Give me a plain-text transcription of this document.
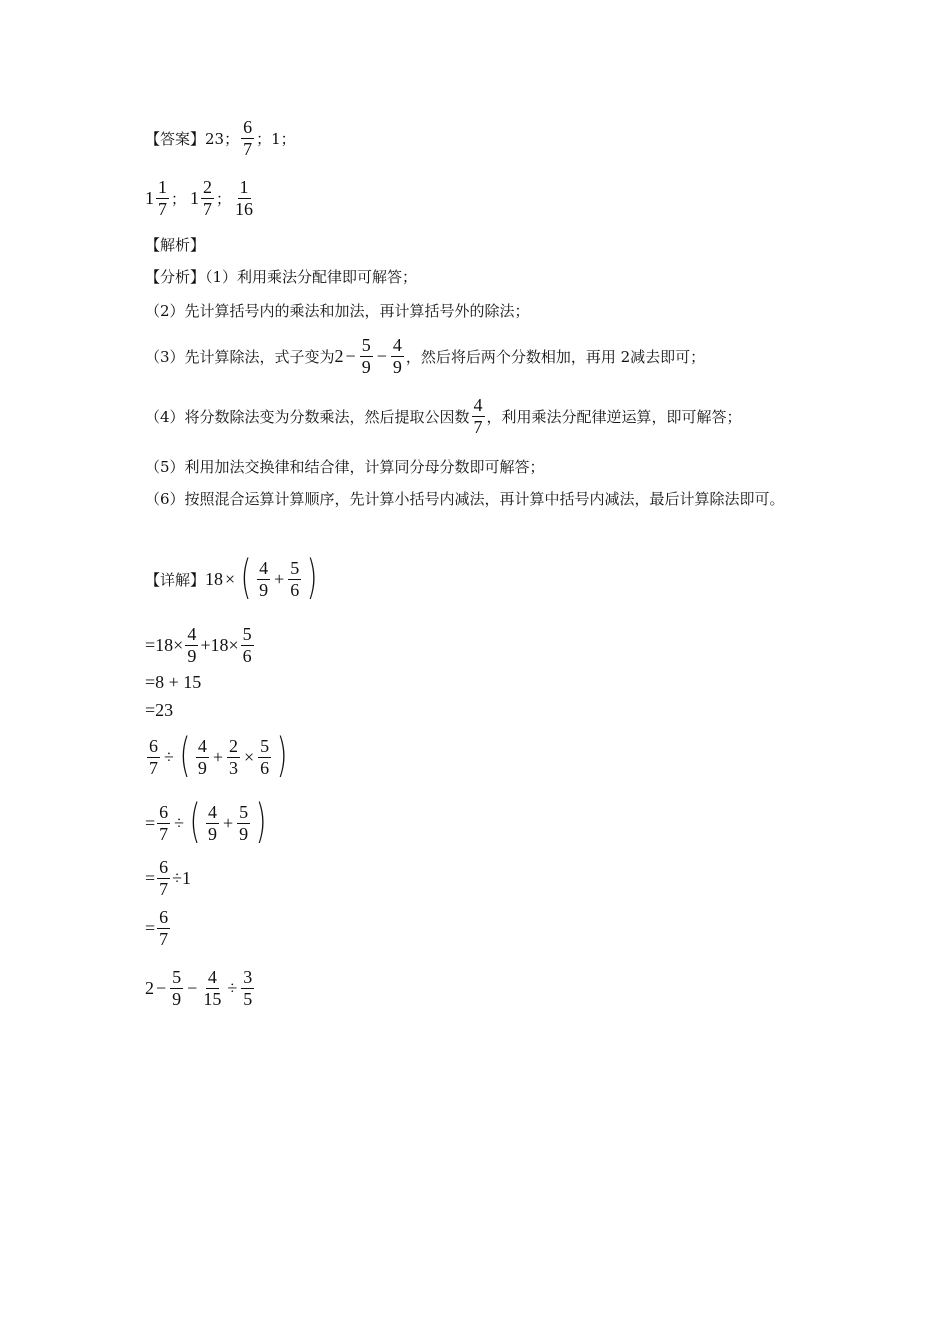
【答案】 23； $\frac{6}{7}$ ； 1；
$1 \frac{1}{7}$ ； $1 \frac{2}{7}$ ； $\frac{1}{16}$
【解析】
【分析】（1）利用乘法分配律即可解答；
（2）先计算括号内的乘法和加法，再计算括号外的除法；
（3）先计算除法，式子变为 $2 - \frac{5}{9} - \frac{4}{9}$ ，然后将后两个分数相加，再用 2减去即可；
（4）将分数除法变为分数乘法，然后提取公因数 $\frac{4}{7}$ ，利用乘法分配律逆运算，即可解答；
（5）利用加法交换律和结合律，计算同分母分数即可解答；
（6）按照混合运算计算顺序，先计算小括号内减法，再计算中括号内减法，最后计算除法即可。
【详解】 18 × ( $\frac{4}{9} + \frac{5}{6}$ )
$=18\times \frac{4}{9} +18\times \frac{5}{6}$
=8 + 15
=23
$\frac{6}{7}$ ÷ ( $\frac{4}{9} + \frac{2}{3} \times \frac{5}{6}$ )
= $\frac{6}{7}$ ÷ ( $\frac{4}{9} + \frac{5}{9}$ )
= $\frac{6}{7} \div 1$
= $\frac{6}{7}$
$2 - \frac{5}{9} - \frac{4}{15} \div \frac{3}{5}$
